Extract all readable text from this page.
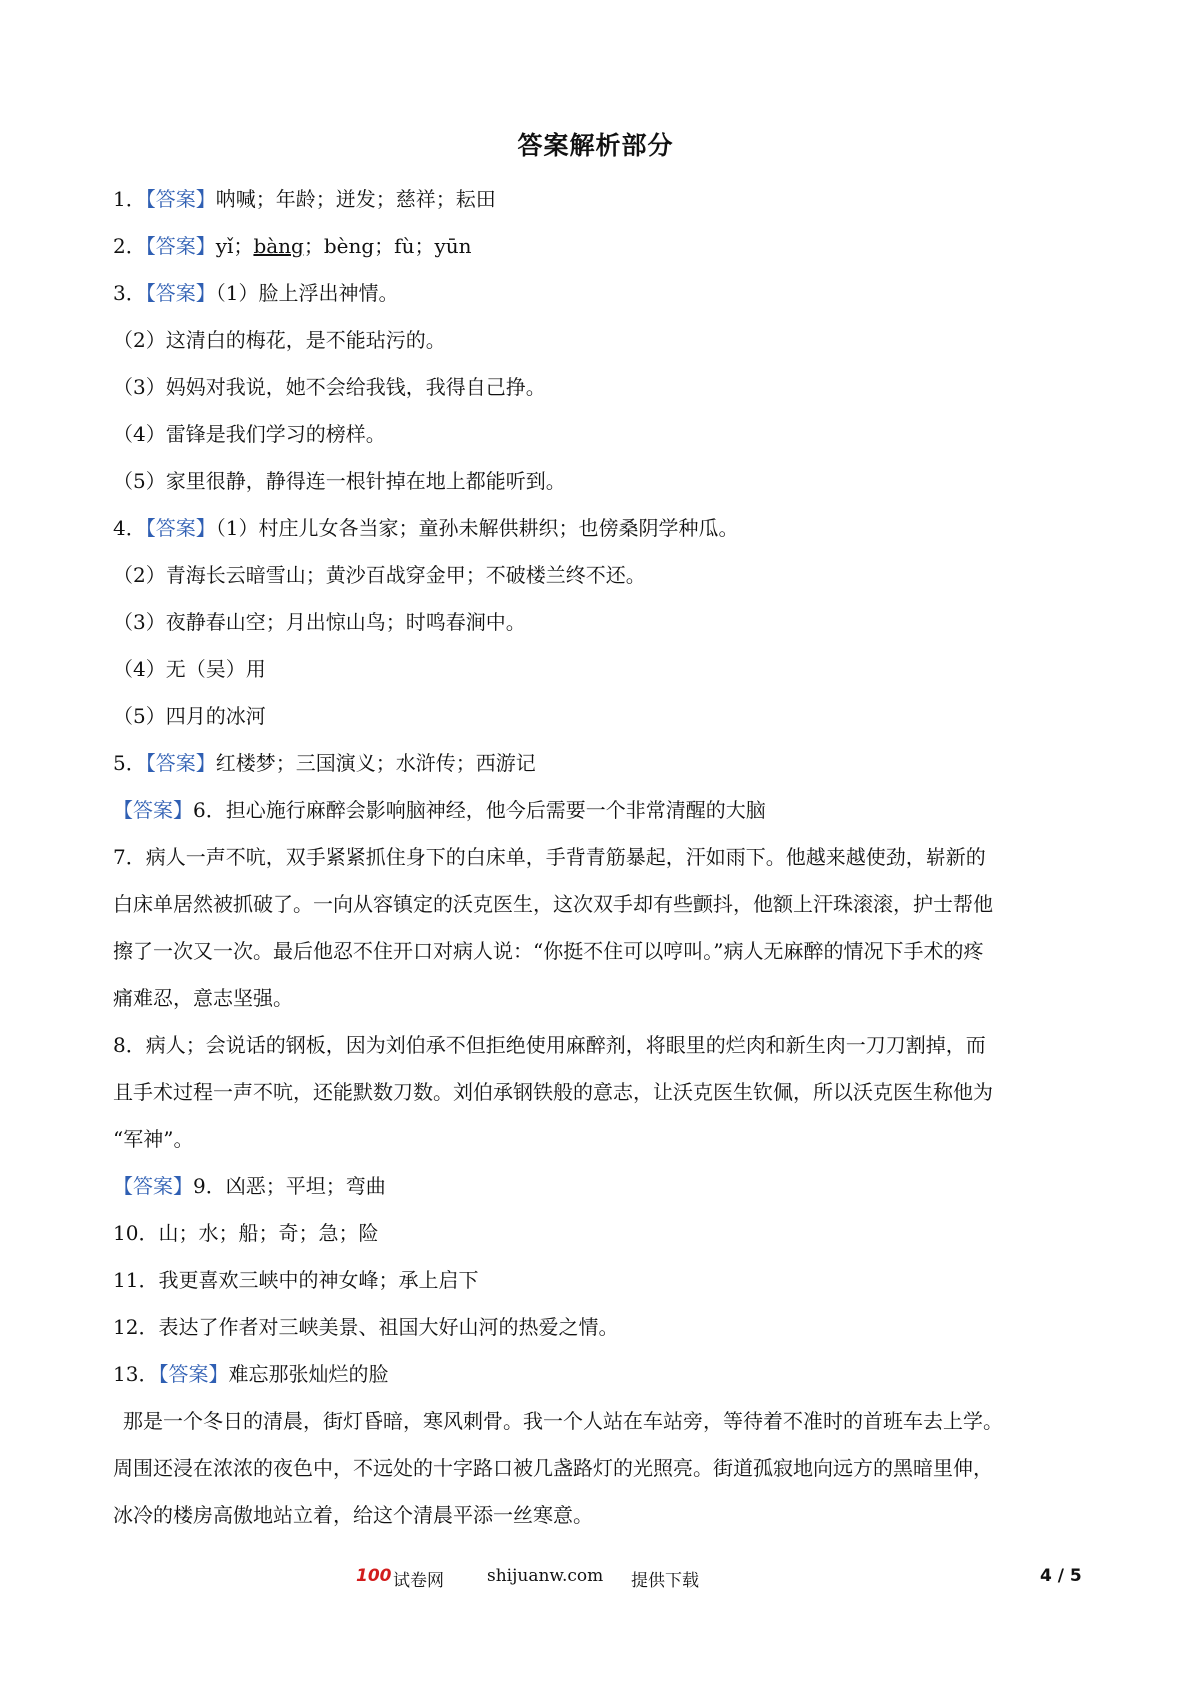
答案解析部分
1．【答案】呐喊；年龄；迸发；慈祥；耘田
2．【答案】yǐ；bàng；bèng；fù；yūn
3．【答案】（1）脸上浮出神情。
（2）这清白的梅花，是不能玷污的。
（3）妈妈对我说，她不会给我钱，我得自己挣。
（4）雷锋是我们学习的榜样。
（5）家里很静，静得连一根针掉在地上都能听到。
4．【答案】（1）村庄儿女各当家；童孙未解供耕织；也傍桑阴学种瓜。
（2）青海长云暗雪山；黄沙百战穿金甲；不破楼兰终不还。
（3）夜静春山空；月出惊山鸟；时鸣春涧中。
（4）无（吴）用
（5）四月的冰河
5．【答案】红楼梦；三国演义；水浒传；西游记
【答案】6．担心施行麻醉会影响脑神经，他今后需要一个非常清醒的大脑
7．病人一声不吭，双手紧紧抓住身下的白床单，手背青筋暴起，汗如雨下。他越来越使劲，崭新的
白床单居然被抓破了。一向从容镇定的沃克医生，这次双手却有些颤抖，他额上汗珠滚滚，护士帮他
擦了一次又一次。最后他忍不住开口对病人说：“你挺不住可以哼叫。”病人无麻醉的情况下手术的疼
痛难忍，意志坚强。
8．病人；会说话的钢板，因为刘伯承不但拒绝使用麻醉剂，将眼里的烂肉和新生肉一刀刀割掉，而
且手术过程一声不吭，还能默数刀数。刘伯承钢铁般的意志，让沃克医生钦佩，所以沃克医生称他为
“军神”。
【答案】9．凶恶；平坦；弯曲
10．山；水；船；奇；急；险
11．我更喜欢三峡中的神女峰；承上启下
12．表达了作者对三峡美景、祖国大好山河的热爱之情。
13．【答案】难忘那张灿烂的脸
那是一个冬日的清晨，街灯昏暗，寒风刺骨。我一个人站在车站旁，等待着不准时的首班车去上学。
周围还浸在浓浓的夜色中，不远处的十字路口被几盏路灯的光照亮。街道孤寂地向远方的黑暗里伸，
冰冷的楼房高傲地站立着，给这个清晨平添一丝寒意。
100 试卷网	shijuanw.com 提供下载	4 / 5
